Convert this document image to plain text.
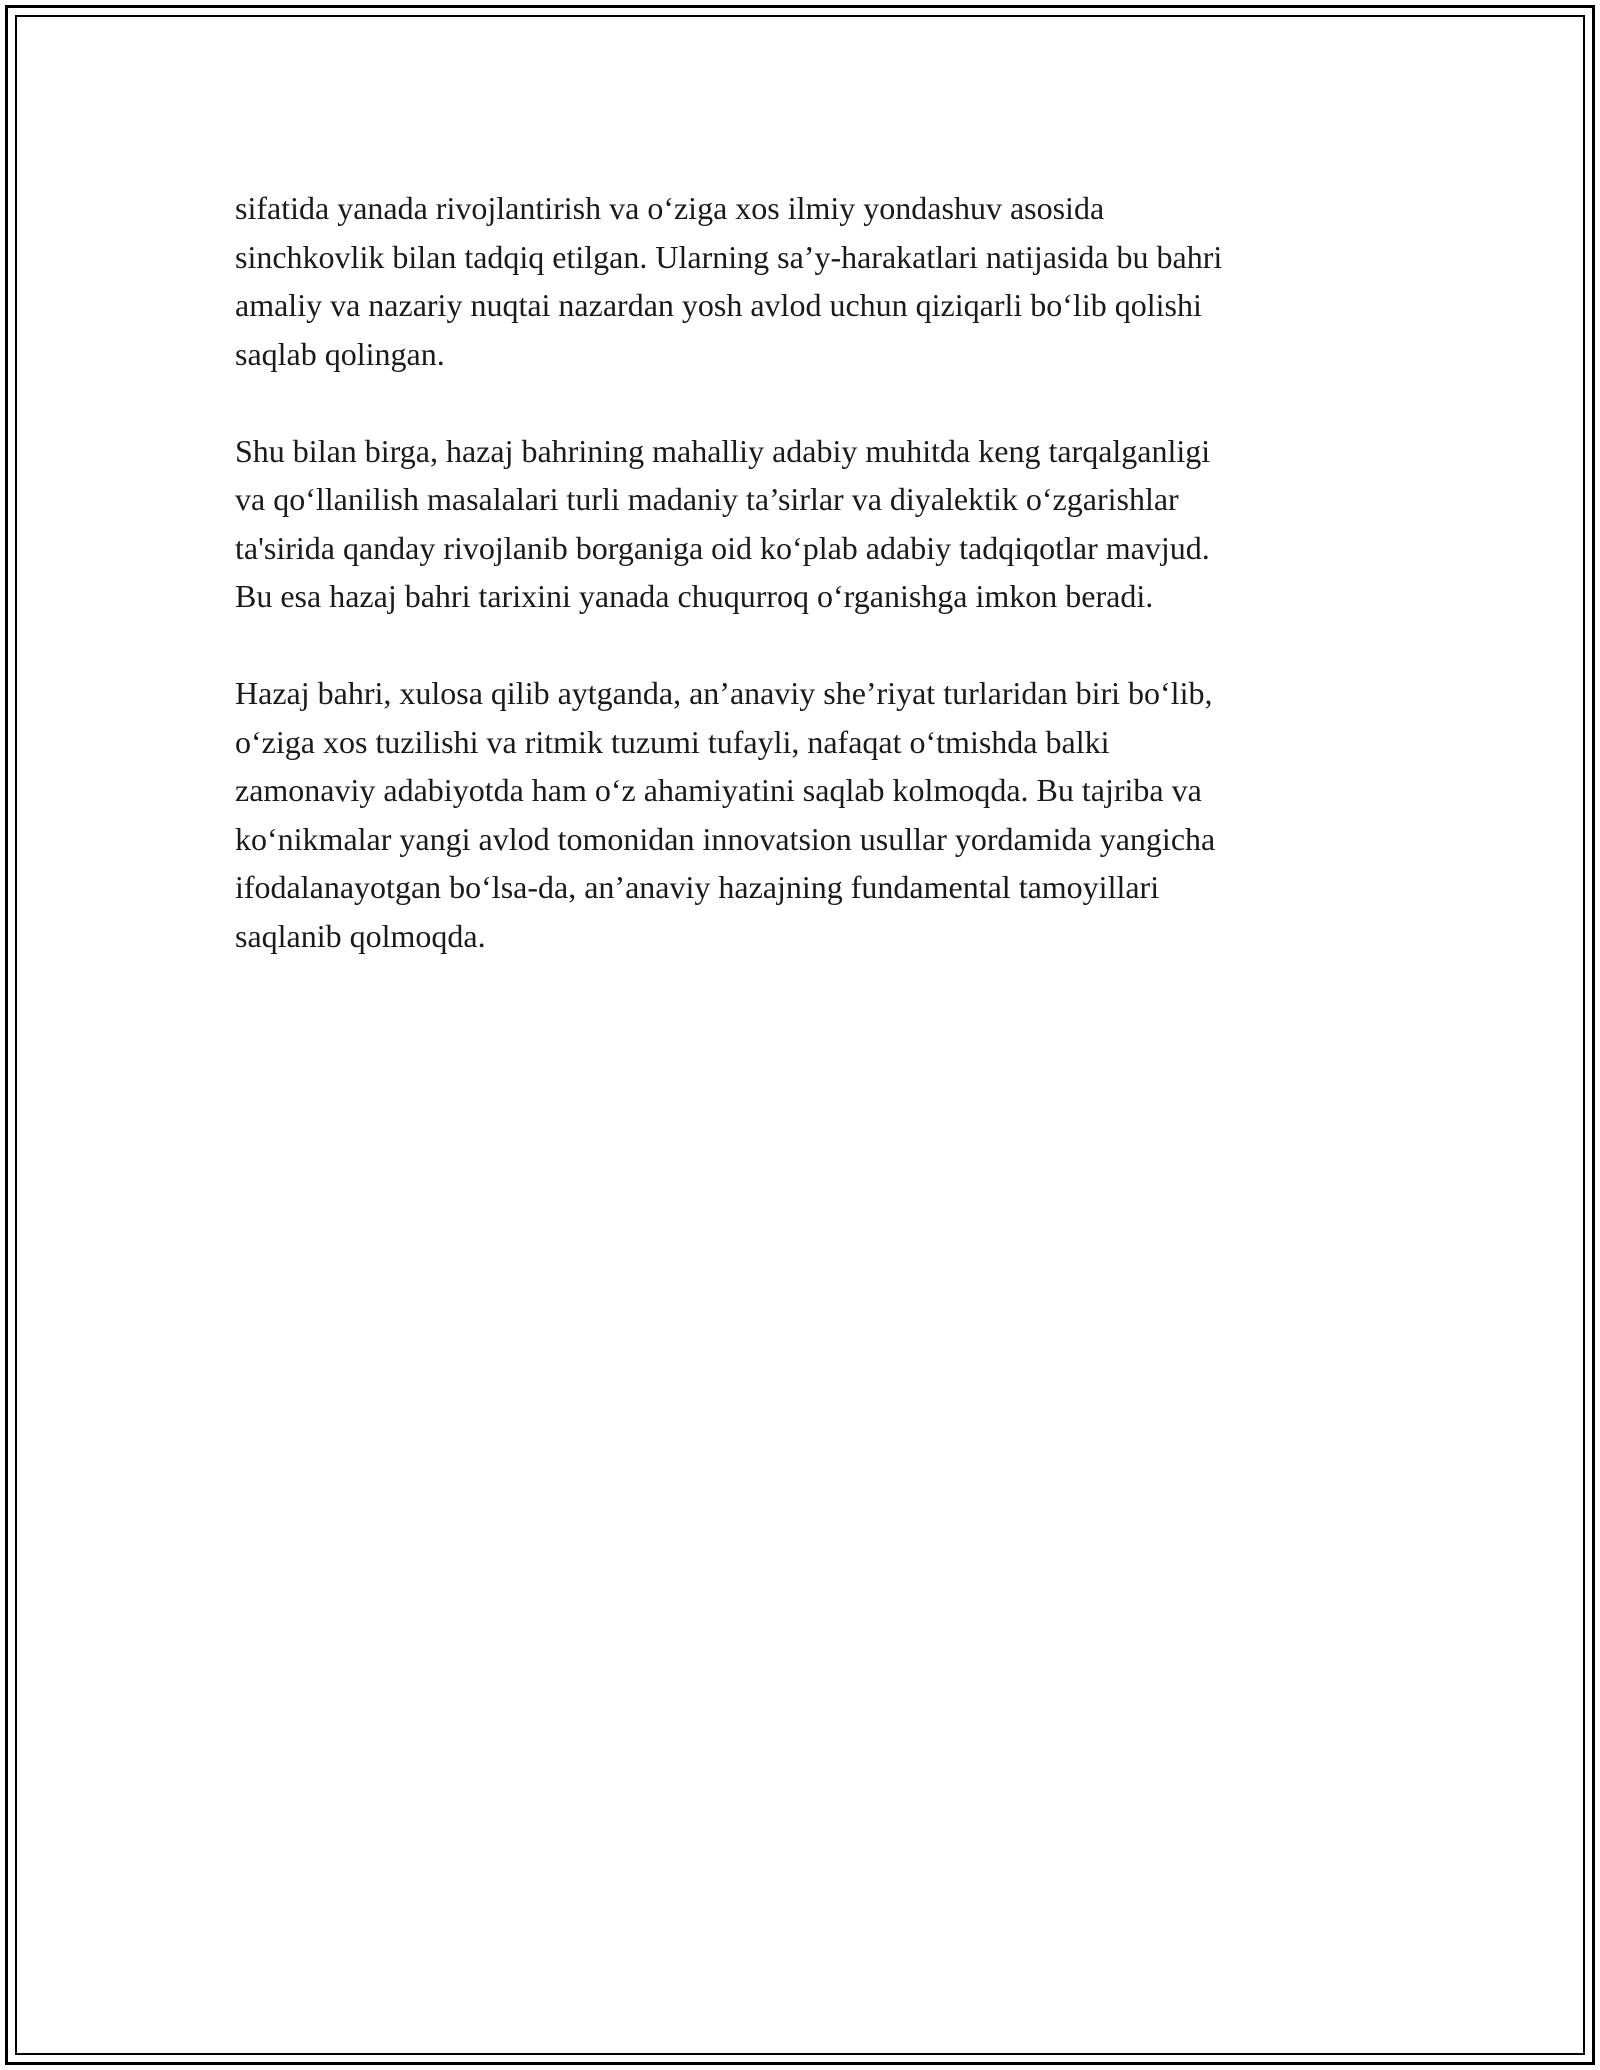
sifatida yanada rivojlantirish va o‘ziga xos ilmiy yondashuv asosida
sinchkovlik bilan tadqiq etilgan. Ularning sa’y-harakatlari natijasida bu bahri
amaliy va nazariy nuqtai nazardan yosh avlod uchun qiziqarli bo‘lib qolishi
saqlab qolingan.

Shu bilan birga, hazaj bahrining mahalliy adabiy muhitda keng tarqalganligi
va qo‘llanilish masalalari turli madaniy ta’sirlar va diyalektik o‘zgarishlar
ta'sirida qanday rivojlanib borganiga oid ko‘plab adabiy tadqiqotlar mavjud.
Bu esa hazaj bahri tarixini yanada chuqurroq o‘rganishga imkon beradi.

Hazaj bahri, xulosa qilib aytganda, an’anaviy she’riyat turlaridan biri bo‘lib,
o‘ziga xos tuzilishi va ritmik tuzumi tufayli, nafaqat o‘tmishda balki
zamonaviy adabiyotda ham o‘z ahamiyatini saqlab kolmoqda. Bu tajriba va
ko‘nikmalar yangi avlod tomonidan innovatsion usullar yordamida yangicha
ifodalanayotgan bo‘lsa-da, an’anaviy hazajning fundamental tamoyillari
saqlanib qolmoqda.
